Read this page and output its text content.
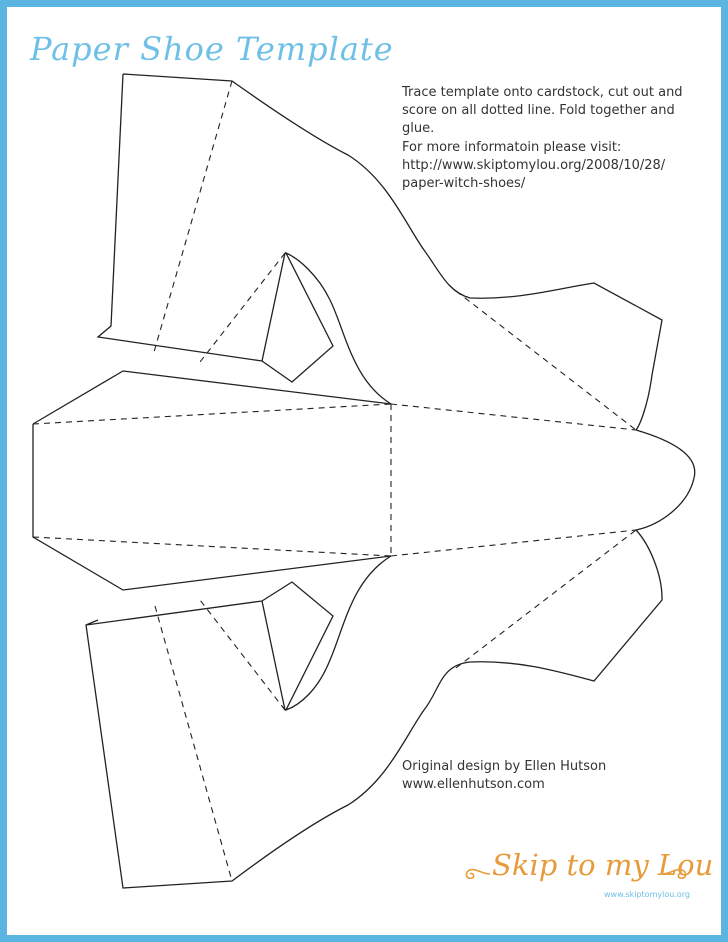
Paper Shoe Template
Trace template onto cardstock, cut out and
score on all dotted line. Fold together and
glue.
For more informatoin please visit:
http://www.skiptomylou.org/2008/10/28/
paper-witch-shoes/
Original design by Ellen Hutson
www.ellenhutson.com
Skip to my Lou
www.skiptomylou.org
